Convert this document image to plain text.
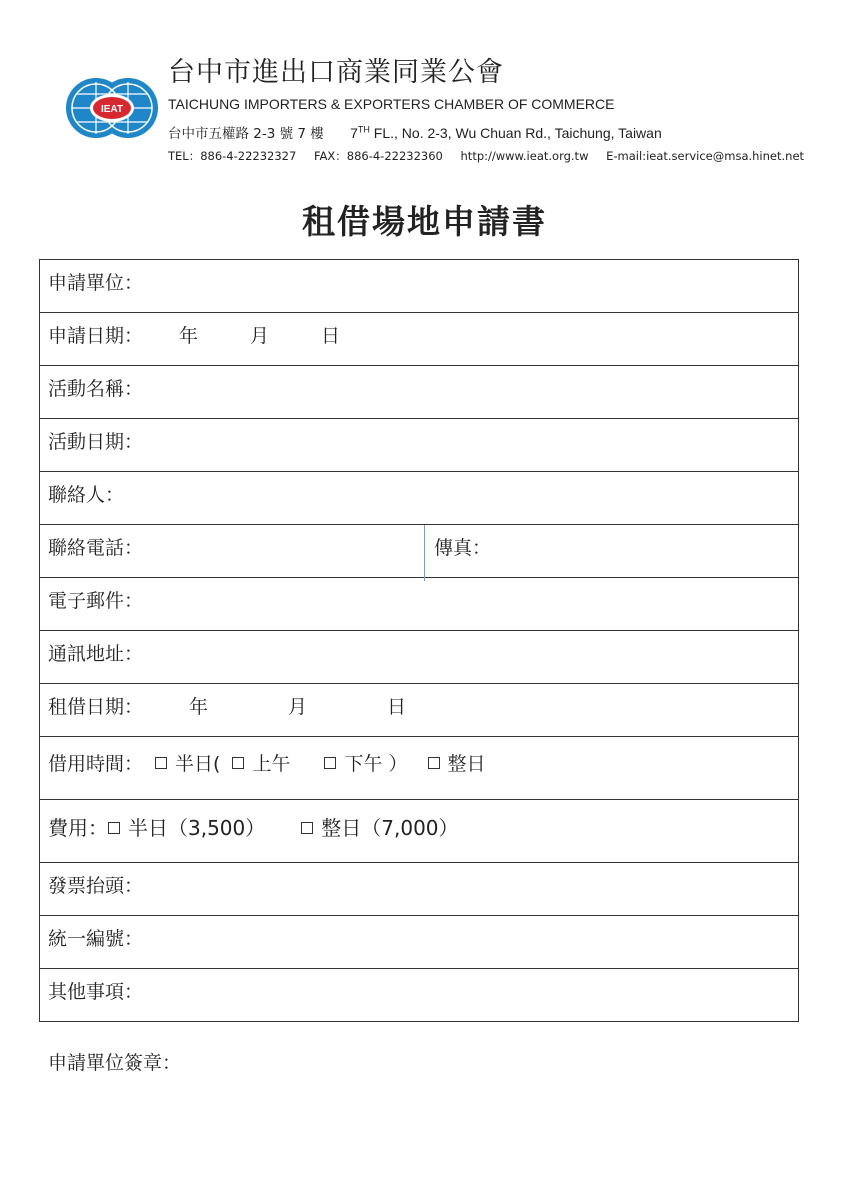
IEAT
台中市進出口商業同業公會
TAICHUNG IMPORTERS & EXPORTERS CHAMBER OF COMMERCE
台中市五權路 2-3 號 7 樓 7TH FL., No. 2-3, Wu Chuan Rd., Taichung, Taiwan
TEL：886-4-22232327 FAX：886-4-22232360 http://www.ieat.org.tw E-mail:ieat.service@msa.hinet.net
租借場地申請書
申請單位：
申請日期： 年	月	日
活動名稱：
活動日期：
聯絡人：
聯絡電話：	傳真：
電子郵件：
通訊地址：
租借日期： 年	月	日
借用時間： 半日( 上午	下午 ） 整日
費用： 半日（3,500）	整日（7,000）
發票抬頭：
統一編號：
其他事項：
申請單位簽章：
